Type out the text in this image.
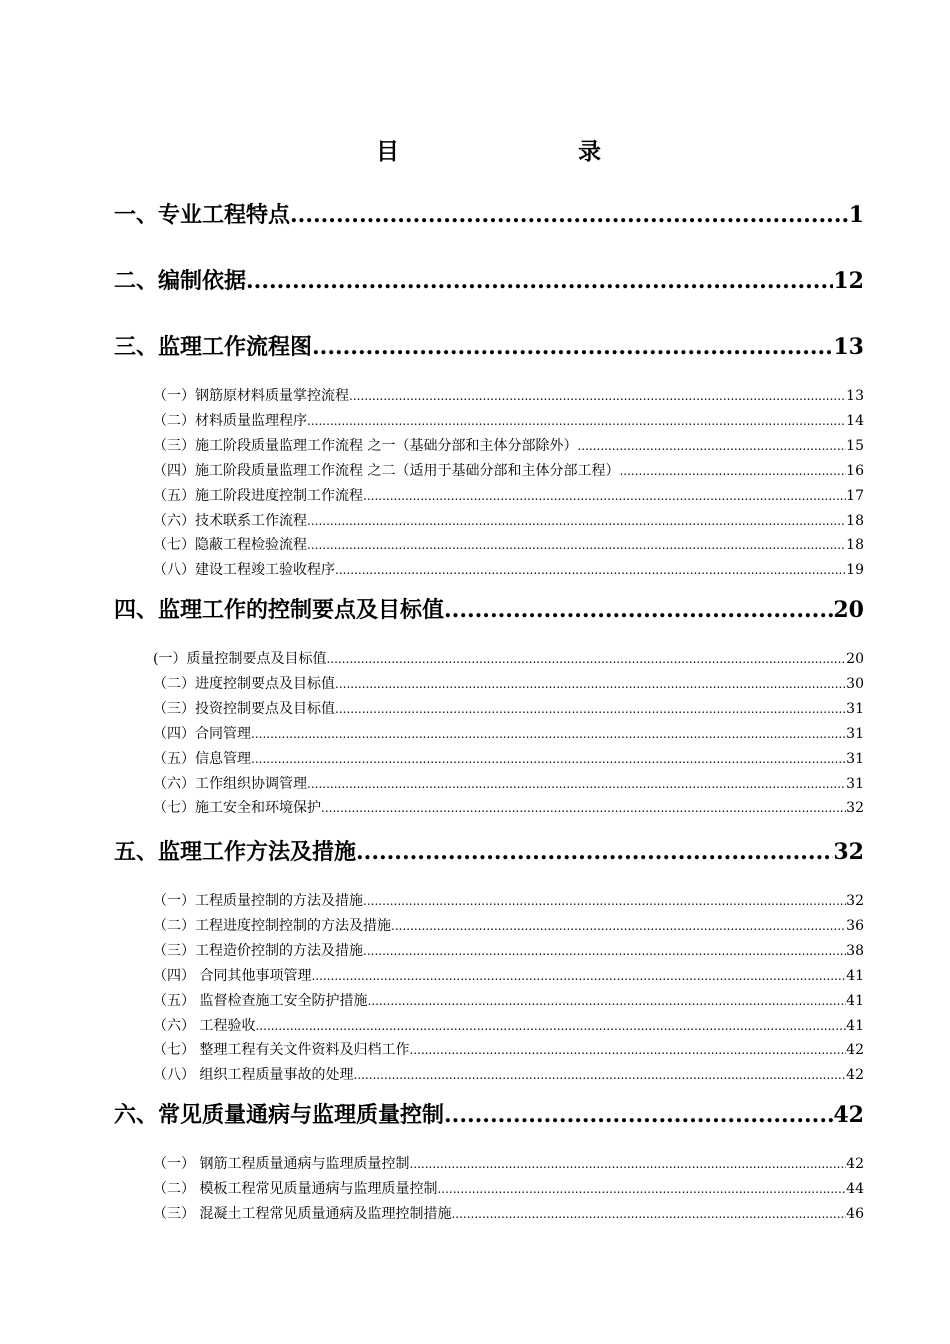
目	录
一、专业工程特点 .....	1
二、编制依据 .....	12
三、监理工作流程图 .....	13
（一）钢筋原材料质量掌控流程 .....	13
（二）材料质量监理程序 .....	14
（三）施工阶段质量监理工作流程 之一（基础分部和主体分部除外） .....	15
（四）施工阶段质量监理工作流程 之二（适用于基础分部和主体分部工程） .....	16
（五）施工阶段进度控制工作流程 .....	17
（六）技术联系工作流程 .....	18
（七）隐蔽工程检验流程 .....	18
（八）建设工程竣工验收程序 .....	19
四、监理工作的控制要点及目标值 .....	20
(一）质量控制要点及目标值 .....	20
（二）进度控制要点及目标值 .....	30
（三）投资控制要点及目标值 .....	31
（四）合同管理 .....	31
（五）信息管理 .....	31
（六）工作组织协调管理 .....	31
（七）施工安全和环境保护 .....	32
五、监理工作方法及措施 .....	32
（一）工程质量控制的方法及措施 .....	32
（二）工程进度控制控制的方法及措施 .....	36
（三）工程造价控制的方法及措施 .....	38
（四） 合同其他事项管理 .....	41
（五） 监督检查施工安全防护措施 .....	41
（六） 工程验收 .....	41
（七） 整理工程有关文件资料及归档工作 .....	42
（八） 组织工程质量事故的处理 .....	42
六、常见质量通病与监理质量控制 .....	42
（一） 钢筋工程质量通病与监理质量控制 .....	42
（二） 模板工程常见质量通病与监理质量控制 .....	44
（三） 混凝土工程常见质量通病及监理控制措施 .....	46
